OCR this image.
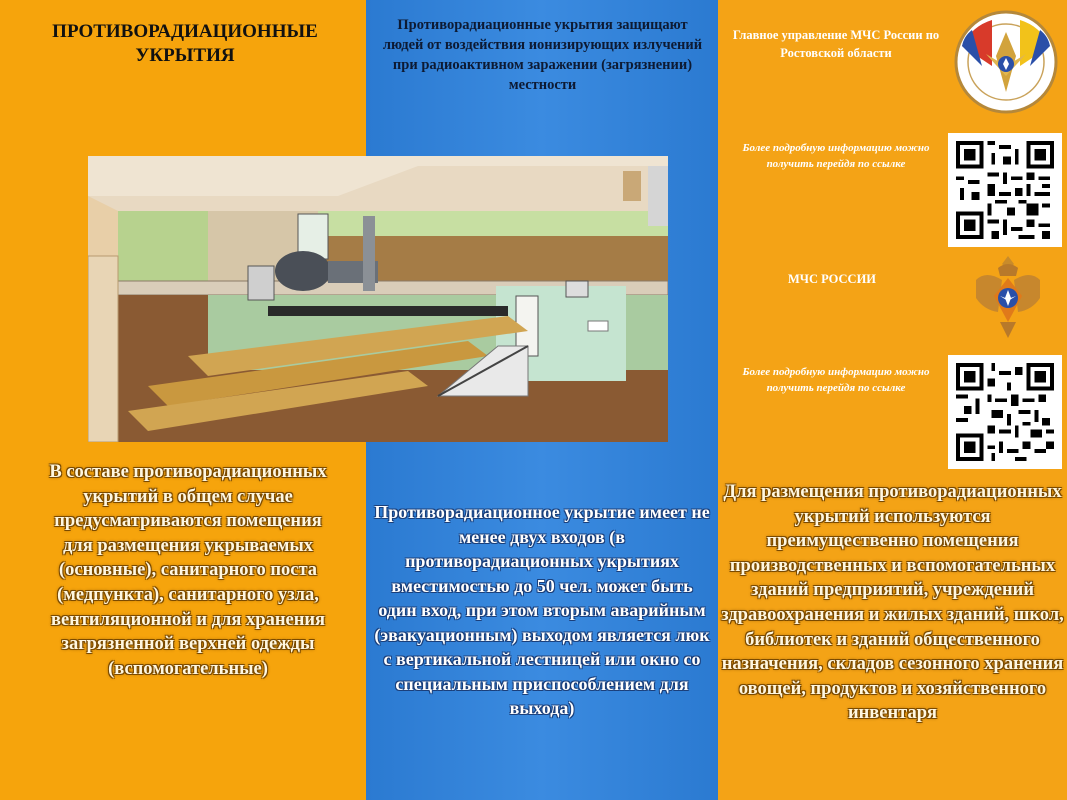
ПРОТИВОРАДИАЦИОННЫЕ УКРЫТИЯ
Противорадиационные укрытия защищают людей от воздействия ионизирующих излучений при радиоактивном заражении (загрязнении) местности
В составе противорадиационных укрытий в общем случае предусматриваются помещения для размещения укрываемых (основные), санитарного поста (медпункта), санитарного узла, вентиляционной и для хранения загрязненной верхней одежды (вспомогательные)
Противорадиационное укрытие имеет не менее двух входов (в противорадиационных укрытиях вместимостью до 50 чел. может быть один вход, при этом вторым аварийным (эвакуационным) выходом является люк с вертикальной лестницей или окно со специальным приспособлением для выхода)
Для размещения противорадиационных укрытий используются преимущественно помещения производственных и вспомогательных зданий предприятий, учреждений здравоохранения и жилых зданий, школ, библиотек и зданий общественного назначения, складов сезонного хранения овощей, продуктов и хозяйственного инвентаря
Главное управление МЧС России по Ростовской области
Более подробную информацию можно получить перейдя по ссылке
МЧС РОССИИ
Более подробную информацию можно получить перейдя по ссылке
